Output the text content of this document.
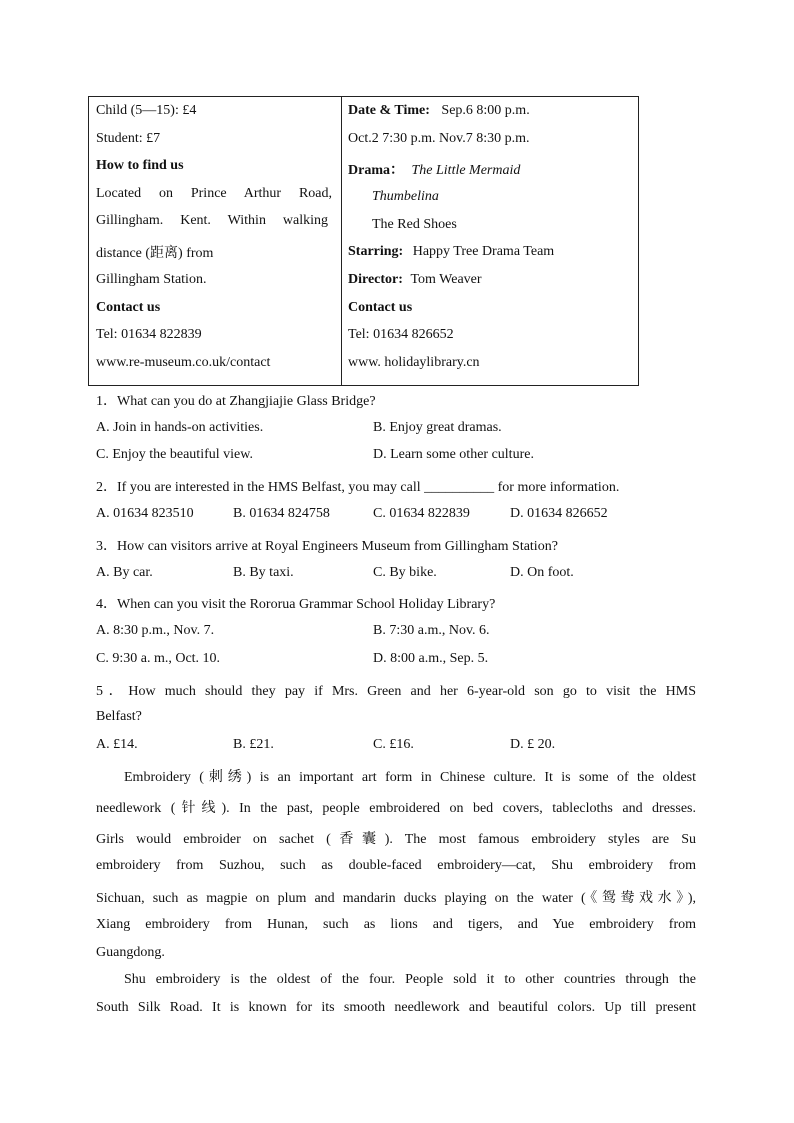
Child (5—15): £4
Student: £7
How to find us
Located on Prince Arthur Road,
Gillingham. Kent. Within walking
distance (距离) from
Gillingham Station.
Contact us
Tel: 01634 822839
www.re-museum.co.uk/contact
Date & Time: Sep.6 8:00 p.m.
Oct.2 7:30 p.m. Nov.7 8:30 p.m.
Drama： The Little Mermaid
Thumbelina
The Red Shoes
Starring: Happy Tree Drama Team
Director: Tom Weaver
Contact us
Tel: 01634 826652
www. holidaylibrary.cn
1．What can you do at Zhangjiajie Glass Bridge?
A. Join in hands-on activities.	B. Enjoy great dramas.
C. Enjoy the beautiful view.	D. Learn some other culture.
2．If you are interested in the HMS Belfast, you may call __________ for more information.
A. 01634 823510	B. 01634 824758	C. 01634 822839	D. 01634 826652
3．How can visitors arrive at Royal Engineers Museum from Gillingham Station?
A. By car.	B. By taxi.	C. By bike.	D. On foot.
4．When can you visit the Rororua Grammar School Holiday Library?
A. 8:30 p.m., Nov. 7.	B. 7:30 a.m., Nov. 6.
C. 9:30 a. m., Oct. 10.	D. 8:00 a.m., Sep. 5.
5．How much should they pay if Mrs. Green and her 6-year-old son go to visit the HMS
Belfast?
A. £14.	B. £21.	C. £16.	D. £ 20.
Embroidery (刺绣) is an important art form in Chinese culture. It is some of the oldest
needlework (针线). In the past, people embroidered on bed covers, tablecloths and dresses.
Girls would embroider on sachet (香囊). The most famous embroidery styles are Su
embroidery from Suzhou, such as double-faced embroidery—cat, Shu embroidery from
Sichuan, such as magpie on plum and mandarin ducks playing on the water (《鸳鸯戏水》),
Xiang embroidery from Hunan, such as lions and tigers, and Yue embroidery from
Guangdong.
Shu embroidery is the oldest of the four. People sold it to other countries through the
South Silk Road. It is known for its smooth needlework and beautiful colors. Up till present
